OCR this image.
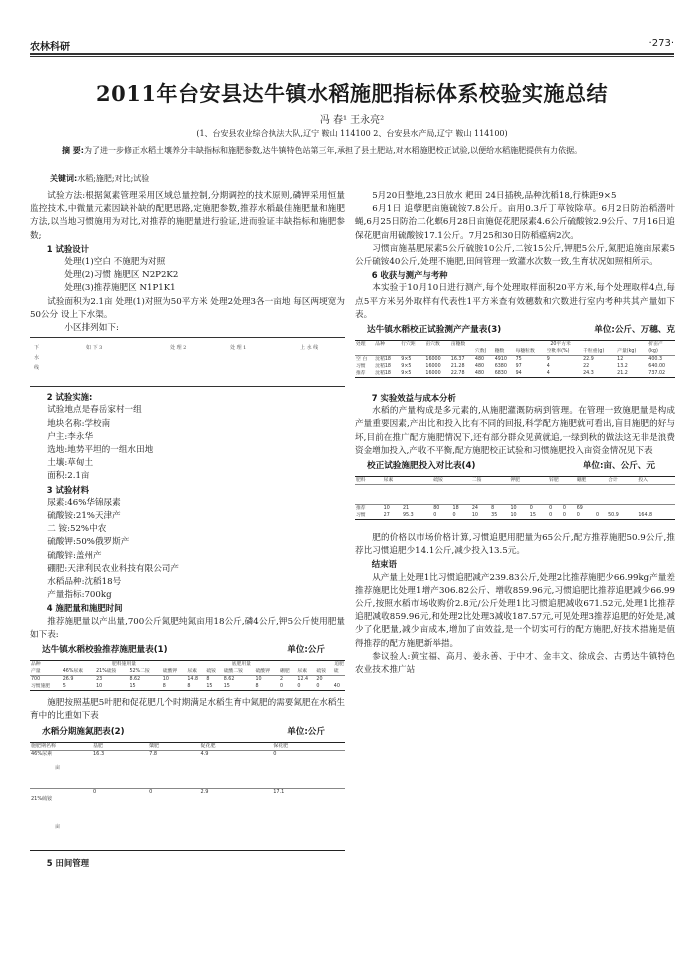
农林科研	·273·
2011年台安县达牛镇水稻施肥指标体系校验实施总结
冯 春¹ 王永亮²
(1、台安县农业综合执法大队,辽宁 鞍山 114100 2、台安县水产局,辽宁 鞍山 114100)
摘 要:为了进一步修正水稻土壤养分丰缺指标和施肥参数,达牛镇特色站第三年,承担了县土肥站,对水稻施肥校正试验,以便给水稻施肥提供有力依据。
关键词:水稻;施肥;对比;试验

试验方法:根据氮素管理采用区域总量控制,分期调控的技术原则,磷钾采用恒量监控技术,中微量元素因缺补缺的配肥思路,定施肥参数,推荐水稻最佳施肥量和施肥方法,以当地习惯施用为对比,对推荐的施肥量进行验证,进而验证丰缺指标和施肥参数;

1 试验设计

处理(1)空白 不施肥为对照

处理(2)习惯 施肥区 N2P2K2

处理(3)推荐施肥区 N1P1K1

试验面积为2.1亩 处理(1)对照为50平方米 处理2处理3各一亩地 每区两埂宽为50公分 设上下水渠。

小区排列如下:

下
水
线
如 下 3	处 理 2	处 理 1	上 水 线

2 试验实施:

试验地点是春岳家村一组

地块名称:学校南

户主:李永华

选地:地势平坦的一组水田地

土壤:草甸土

面积:2.1亩

3 试验材料

尿素:46%华锦尿素

硫酸铵:21%天津产

二 铵:52%中农

硫酸钾:50%俄罗斯产

硫酸锌:盖州产

硼肥:天津利民农业科技有限公司产

水稻品种:沈稻18号

产量指标:700kg

4 施肥量和施肥时间

推荐施肥量以产出量,700公斤氮肥纯氮亩用18公斤,磷4公斤,钾5公斤使用肥量如下表:

达牛镇水稻校验推荐施肥量表(1)	单位:公斤
品种	肥料施用量				底肥用量					追肥		
产量	46%尿素	21%硫铵	52%二铵	硫酸钾	尿素	硫铵	硫酸二铵	硫酸钾	硼肥	尿素	硫铵	硫
700	26.9	23	8.62	10	14.8	8	8.62	10	2	12.4	20	
习惯施肥	5	10	15	8	8	15	15	8	0	0	0	40

施肥按照基肥5叶肥和促花肥几个时期满足水稻生育中氮肥的需要氮肥在水稻生育中的比重如下表

水稻分期施氮肥表(2)	单位:公斤
施肥期名称	基肥	蘖肥	促花肥	保花肥
46%尿素

亩	16.3	7.8	4.9	0

21%硫铵

亩	0	0	2.9	17.1

5 田间管理

5月20日整地,23日放水 耙田 24日插秧,品种沈稻18,行株距9×5

6月1日 追孽肥亩施硫铵7.8公斤。亩用0.3斤丁草铵除草。6月2日防治稻潜叶蝇,6月25日防治二化螟6月28日亩施促花肥尿素4.6公斤硫酸铵2.9公斤、7月16日追保花肥亩用硫酸铵17.1公斤。7月25和30日防稻瘟病2次。

习惯亩施基肥尿素5公斤硫胺10公斤,二铵15公斤,钾肥5公斤,氮肥追施亩尿素5公斤硫铵40公斤,处理不施肥,田间管理一致灌水次数一致,生育状况如照相所示。

6 收获与测产与考种

本实验于10月10日进行测产,每个处理取样面积20平方米,每个处理取样4点,每点5平方米另外取样有代表性1平方米查有效穗数和穴数进行室内考种共其产量如下表。

达牛镇水稻校正试验测产产量表(3)	单位:公斤、万穗、克
处理	品种	行穴距	亩穴数	亩穗数	20平方米						折亩产
					穴数(	穗数	每穗粒数	空秕率(%)	千粒重(g)	产量(kg)	(kg)
空 白	沈稻18	9×5	16000	16.37	480	4910	75	9	22.9	12	400.3
习惯	沈稻18	9×5	16000	21.28	480	6380	97	4	22	13.2	640.00
推荐	沈稻18	9×5	16000	22.78	480	6830	94	4	24.3	21.2	737.02

7 实验效益与成本分析

水稻的产量构成是多元素的,从施肥灌溉防病到管理。在管理一致施肥量是构成产量重要因素,产出比和投入比有不同的回报,科学配方施肥就可看出,盲目施肥的好与坏,目前在推广配方施肥情况下,还有部分群众见黄就追,一绿到秋的做法这无非是浪费资金增加投入,产收不平衡,配方施肥校正试验和习惯施肥投入亩资金情况见下表

校正试验施肥投入对比表(4)	单位:亩、公斤、元
肥料	尿素		硫铵		二铵		钾肥		锌肥		硼肥		合计	投入

推荐	10	21	80	18	24	8	10	0	0	0	69			
习惯	27	95.3	0	0	10	35	10	15	0	0	0	0	50.9	164.8

肥的价格以市场价格计算,习惯追肥用肥量为65公斤,配方推荐施肥50.9公斤,推荐比习惯追肥少14.1公斤,减少投入13.5元。

结束语

从产量上处理1比习惯追肥减产239.83公斤,处理2比推荐施肥少66.99kg产量差推荐施肥比处理1增产306.82公斤、增收859.96元,习惯追肥比推荐追肥减少66.99公斤,按照水稻市场收购价2.8元/公斤处理1比习惯追肥减收671.52元,处理1比推荐追肥减收859.96元,和处理2比处理3减收187.57元,可见处理3推荐追肥的好处是,减少了化肥量,减少亩成本,增加了亩效益,是一个切实可行的配方施肥,好技术措施是值得推荐的配方施肥新举措。

参议验人:黄宝福、高月、姜永善、于中才、金丰文、徐成会、古勇达牛镇特色农业技术推广站
